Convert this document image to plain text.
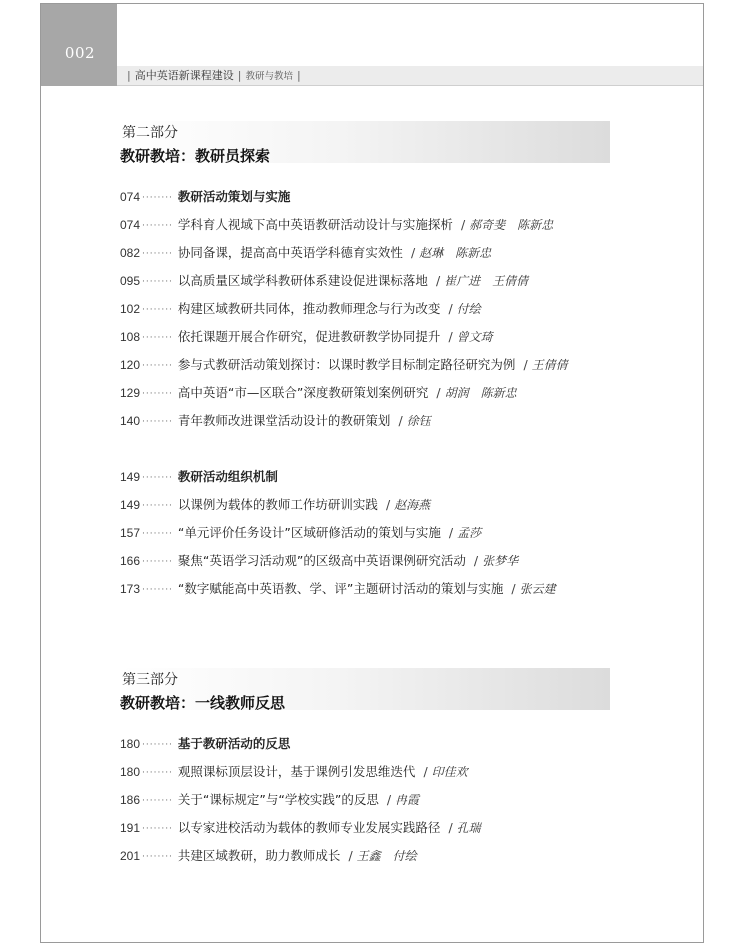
002
| 高中英语新课程建设 | 教研与教培 |
第二部分
教研教培：教研员探索
074 ········ 教研活动策划与实施
074 ········ 学科育人视域下高中英语教研活动设计与实施探析 / 郝奇斐　陈新忠
082 ········ 协同备课，提高高中英语学科德育实效性 / 赵琳　陈新忠
095 ········ 以高质量区域学科教研体系建设促进课标落地 / 崔广进　王倩倩
102 ········ 构建区域教研共同体，推动教师理念与行为改变 / 付绘
108 ········ 依托课题开展合作研究，促进教研教学协同提升 / 曾文琦
120 ········ 参与式教研活动策划探讨：以课时教学目标制定路径研究为例 / 王倩倩
129 ········ 高中英语“市—区联合”深度教研策划案例研究 / 胡润　陈新忠
140 ········ 青年教师改进课堂活动设计的教研策划 / 徐钰
149 ········ 教研活动组织机制
149 ········ 以课例为载体的教师工作坊研训实践 / 赵海燕
157 ········ “单元评价任务设计”区域研修活动的策划与实施 / 孟莎
166 ········ 聚焦“英语学习活动观”的区级高中英语课例研究活动 / 张梦华
173 ········ “数字赋能高中英语教、学、评”主题研讨活动的策划与实施 / 张云建
第三部分
教研教培：一线教师反思
180 ········ 基于教研活动的反思
180 ········ 观照课标顶层设计，基于课例引发思维迭代 / 印佳欢
186 ········ 关于“课标规定”与“学校实践”的反思 / 冉霞
191 ········ 以专家进校活动为载体的教师专业发展实践路径 / 孔瑞
201 ········ 共建区域教研，助力教师成长 / 王鑫　付绘
